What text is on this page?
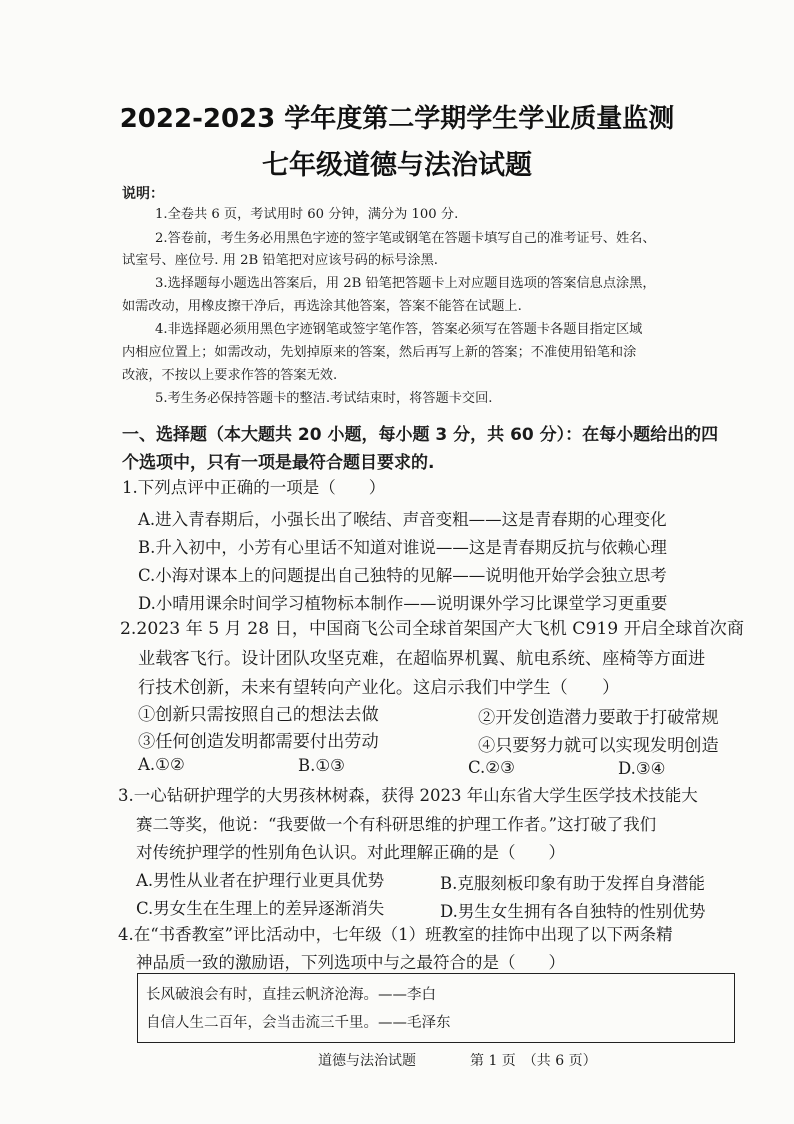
2022-2023 学年度第二学期学生学业质量监测
七年级道德与法治试题
说明：
1.全卷共 6 页，考试用时 60 分钟，满分为 100 分.
2.答卷前，考生务必用黑色字迹的签字笔或钢笔在答题卡填写自己的准考证号、姓名、
试室号、座位号. 用 2B 铅笔把对应该号码的标号涂黑.
3.选择题每小题选出答案后，用 2B 铅笔把答题卡上对应题目选项的答案信息点涂黑，
如需改动，用橡皮擦干净后，再选涂其他答案，答案不能答在试题上.
4.非选择题必须用黑色字迹钢笔或签字笔作答，答案必须写在答题卡各题目指定区域
内相应位置上；如需改动，先划掉原来的答案，然后再写上新的答案；不准使用铅笔和涂
改液，不按以上要求作答的答案无效.
5.考生务必保持答题卡的整洁.考试结束时，将答题卡交回.
一、选择题（本大题共 20 小题，每小题 3 分，共 60 分）：在每小题给出的四
个选项中，只有一项是最符合题目要求的.
1.下列点评中正确的一项是（　　）
A.进入青春期后，小强长出了喉结、声音变粗——这是青春期的心理变化
B.升入初中，小芳有心里话不知道对谁说——这是青春期反抗与依赖心理
C.小海对课本上的问题提出自己独特的见解——说明他开始学会独立思考
D.小晴用课余时间学习植物标本制作——说明课外学习比课堂学习更重要
2.2023 年 5 月 28 日，中国商飞公司全球首架国产大飞机 C919 开启全球首次商
业载客飞行。设计团队攻坚克难，在超临界机翼、航电系统、座椅等方面进
行技术创新，未来有望转向产业化。这启示我们中学生（　　）
①创新只需按照自己的想法去做	②开发创造潜力要敢于打破常规
③任何创造发明都需要付出劳动	④只要努力就可以实现发明创造
A.①②	B.①③	C.②③	D.③④
3.一心钻研护理学的大男孩林树森，获得 2023 年山东省大学生医学技术技能大
赛二等奖，他说：“我要做一个有科研思维的护理工作者。”这打破了我们
对传统护理学的性别角色认识。对此理解正确的是（　　）
A.男性从业者在护理行业更具优势	B.克服刻板印象有助于发挥自身潜能
C.男女生在生理上的差异逐渐消失	D.男生女生拥有各自独特的性别优势
4.在“书香教室”评比活动中，七年级（1）班教室的挂饰中出现了以下两条精
神品质一致的激励语，下列选项中与之最符合的是（　　）
长风破浪会有时，直挂云帆济沧海。——李白
自信人生二百年，会当击流三千里。——毛泽东
道德与法治试题	第 1 页　（共 6 页）
